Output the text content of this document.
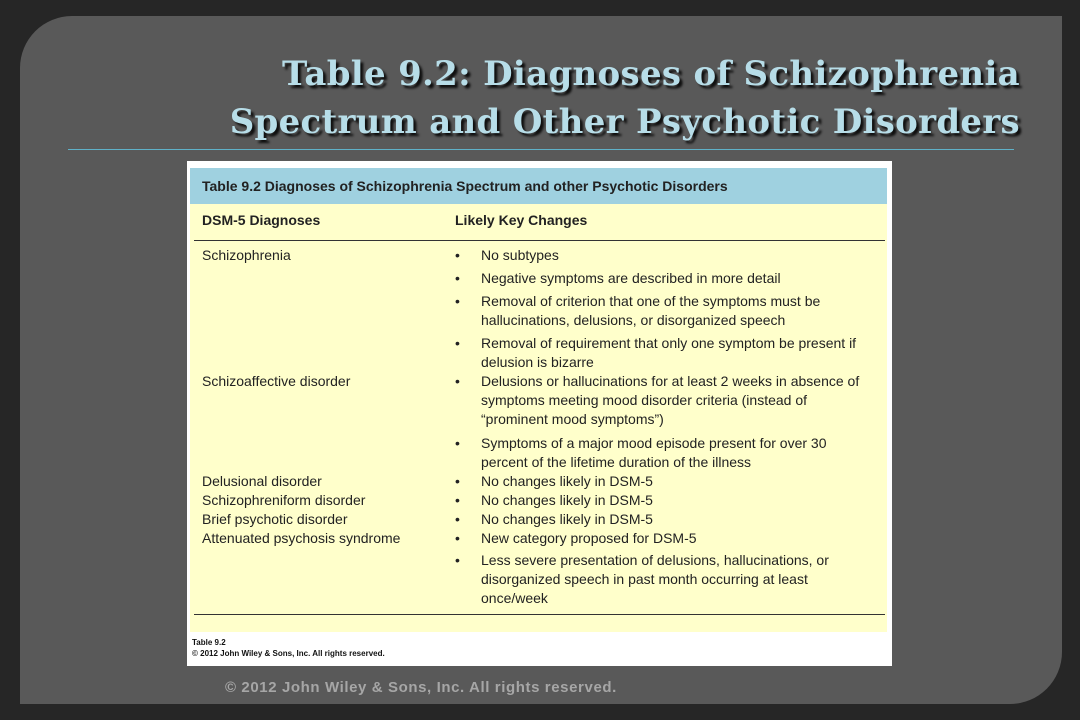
Table 9.2: Diagnoses of Schizophrenia
Spectrum and Other Psychotic Disorders
Table 9.2 Diagnoses of Schizophrenia Spectrum and other Psychotic Disorders
DSM-5 Diagnoses	Likely Key Changes
Schizophrenia
Schizoaffective disorder
Delusional disorder
Schizophreniform disorder
Brief psychotic disorder
Attenuated psychosis syndrome
•
•
•
•
•
•
•
•
•
•
•
No subtypes
Negative symptoms are described in more detail
Removal of criterion that one of the symptoms must be hallucinations, delusions, or disorganized speech
Removal of requirement that only one symptom be present if delusion is bizarre
Delusions or hallucinations for at least 2 weeks in absence of symptoms meeting mood disorder criteria (instead of “prominent mood symptoms”)
Symptoms of a major mood episode present for over 30 percent of the lifetime duration of the illness
No changes likely in DSM-5
No changes likely in DSM-5
No changes likely in DSM-5
New category proposed for DSM-5
Less severe presentation of delusions, hallucinations, or disorganized speech in past month occurring at least once/week
Table 9.2
© 2012 John Wiley & Sons, Inc. All rights reserved.
© 2012 John Wiley & Sons, Inc. All rights reserved.
